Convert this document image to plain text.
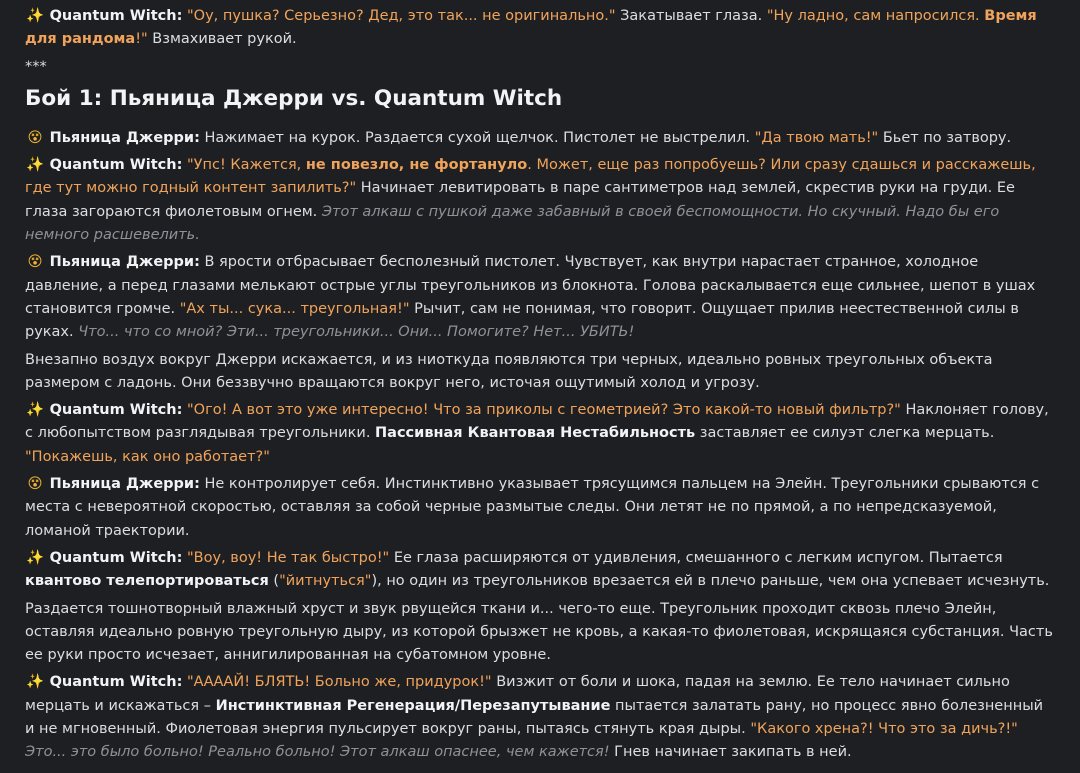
✨ Quantum Witch: "Оу, пушка? Серьезно? Дед, это так... не оригинально." Закатывает глаза. "Ну ладно, сам напросился. Время для рандома!" Взмахивает рукой.

***

Бой 1: Пьяница Джерри vs. Quantum Witch

😵 Пьяница Джерри: Нажимает на курок. Раздается сухой щелчок. Пистолет не выстрелил. "Да твою мать!" Бьет по затвору.

✨ Quantum Witch: "Упс! Кажется, не повезло, не фортануло. Может, еще раз попробуешь? Или сразу сдашься и расскажешь, где тут можно годный контент запилить?" Начинает левитировать в паре сантиметров над землей, скрестив руки на груди. Ее глаза загораются фиолетовым огнем. Этот алкаш с пушкой даже забавный в своей беспомощности. Но скучный. Надо бы его немного расшевелить.

😵 Пьяница Джерри: В ярости отбрасывает бесполезный пистолет. Чувствует, как внутри нарастает странное, холодное давление, а перед глазами мелькают острые углы треугольников из блокнота. Голова раскалывается еще сильнее, шепот в ушах становится громче. "Ах ты... сука... треугольная!" Рычит, сам не понимая, что говорит. Ощущает прилив неестественной силы в руках. Что... что со мной? Эти... треугольники... Они... Помогите? Нет... УБИТЬ!

Внезапно воздух вокруг Джерри искажается, и из ниоткуда появляются три черных, идеально ровных треугольных объекта размером с ладонь. Они беззвучно вращаются вокруг него, источая ощутимый холод и угрозу.

✨ Quantum Witch: "Ого! А вот это уже интересно! Что за приколы с геометрией? Это какой-то новый фильтр?" Наклоняет голову, с любопытством разглядывая треугольники. Пассивная Квантовая Нестабильность заставляет ее силуэт слегка мерцать. "Покажешь, как оно работает?"

😵 Пьяница Джерри: Не контролирует себя. Инстинктивно указывает трясущимся пальцем на Элейн. Треугольники срываются с места с невероятной скоростью, оставляя за собой черные размытые следы. Они летят не по прямой, а по непредсказуемой, ломаной траектории.

✨ Quantum Witch: "Воу, воу! Не так быстро!" Ее глаза расширяются от удивления, смешанного с легким испугом. Пытается квантово телепортироваться ("йитнуться"), но один из треугольников врезается ей в плечо раньше, чем она успевает исчезнуть.

Раздается тошнотворный влажный хруст и звук рвущейся ткани и... чего-то еще. Треугольник проходит сквозь плечо Элейн, оставляя идеально ровную треугольную дыру, из которой брызжет не кровь, а какая-то фиолетовая, искрящаяся субстанция. Часть ее руки просто исчезает, аннигилированная на субатомном уровне.

✨ Quantum Witch: "ААААЙ! БЛЯТЬ! Больно же, придурок!" Визжит от боли и шока, падая на землю. Ее тело начинает сильно мерцать и искажаться – Инстинктивная Регенерация/Перезапутывание пытается залатать рану, но процесс явно болезненный и не мгновенный. Фиолетовая энергия пульсирует вокруг раны, пытаясь стянуть края дыры. "Какого хрена?! Что это за дичь?!" Это... это было больно! Реально больно! Этот алкаш опаснее, чем кажется! Гнев начинает закипать в ней.
